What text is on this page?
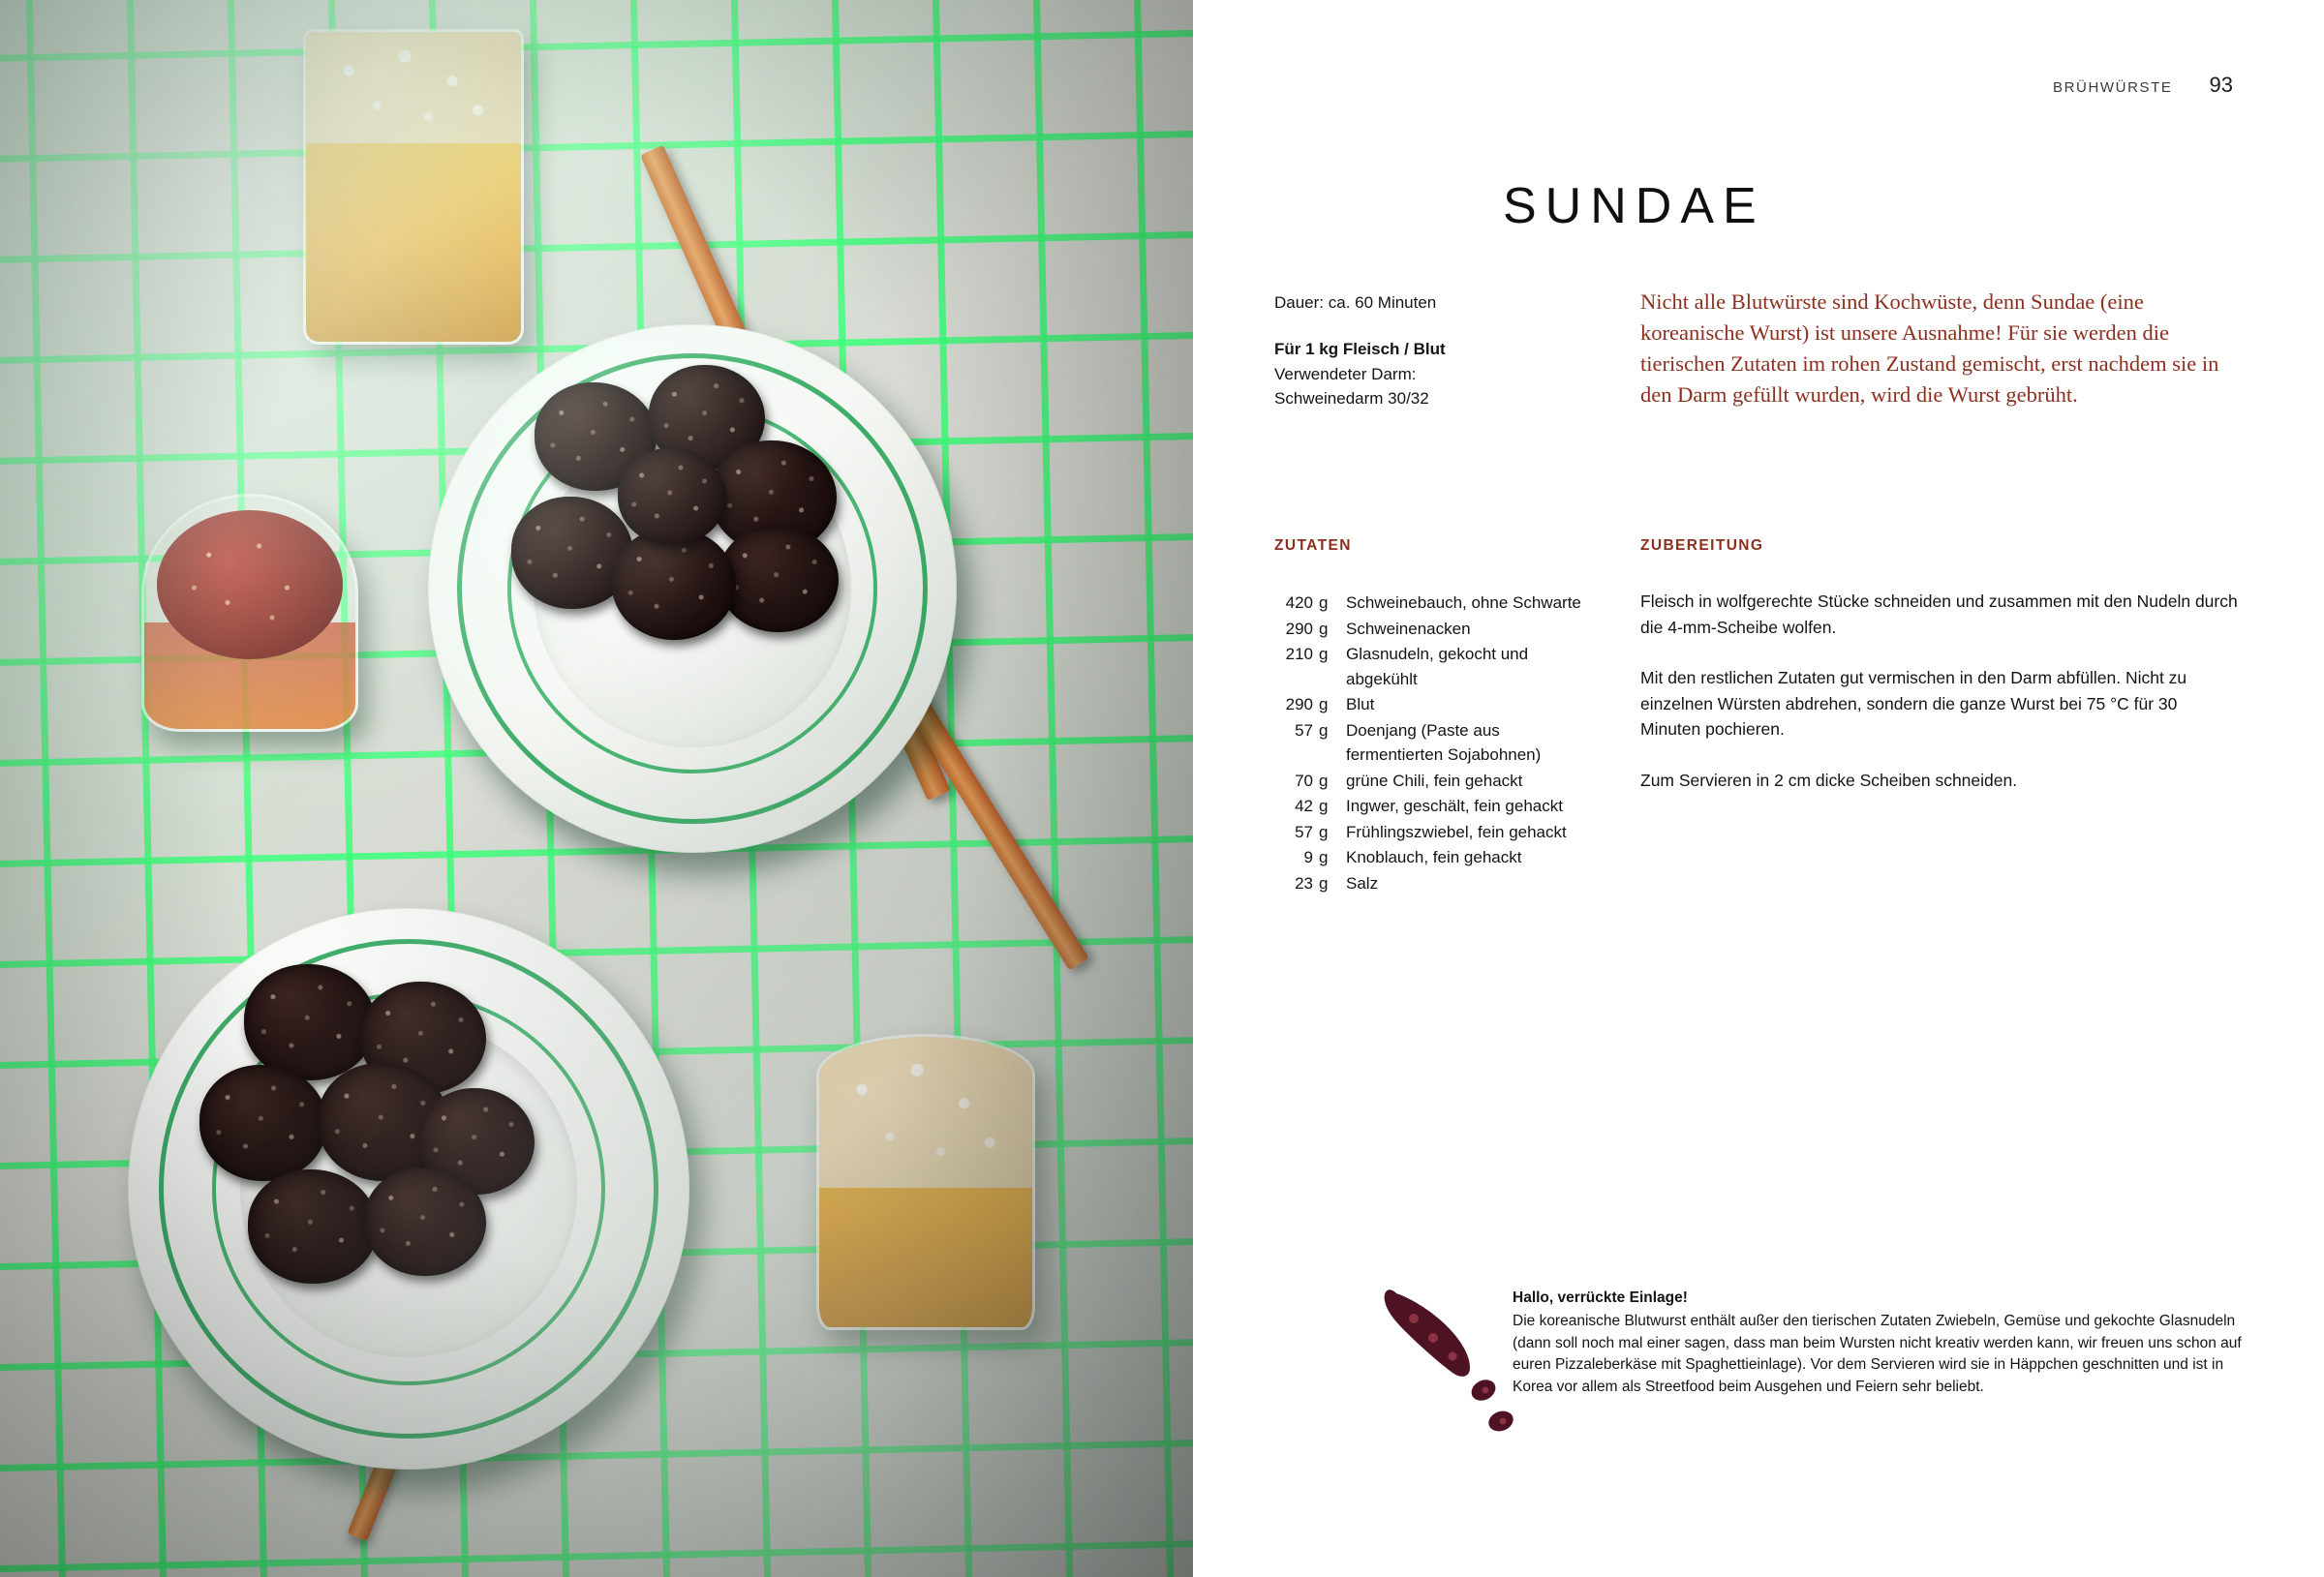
BRÜHWÜRSTE 93
SUNDAE
Dauer: ca. 60 Minuten
Für 1 kg Fleisch / Blut
Verwendeter Darm:
Schweinedarm 30/32
Nicht alle Blutwürste sind Kochwüste, denn Sundae (eine koreanische Wurst) ist unsere Ausnahme! Für sie werden die tierischen Zutaten im rohen Zustand gemischt, erst nachdem sie in den Darm gefüllt wurden, wird die Wurst gebrüht.
ZUTATEN	ZUBEREITUNG
420 g	Schweinebauch, ohne Schwarte
290 g	Schweinenacken
210 g	Glasnudeln, gekocht und abgekühlt
290 g	Blut
57 g	Doenjang (Paste aus fermentierten Sojabohnen)
70 g	grüne Chili, fein gehackt
42 g	Ingwer, geschält, fein gehackt
57 g	Frühlingszwiebel, fein gehackt
9 g	Knoblauch, fein gehackt
23 g	Salz

Fleisch in wolfgerechte Stücke schneiden und zusammen mit den Nudeln durch die 4-mm-Scheibe wolfen.

Mit den restlichen Zutaten gut vermischen in den Darm abfüllen. Nicht zu einzelnen Würsten abdrehen, sondern die ganze Wurst bei 75 °C für 30 Minuten pochieren.

Zum Servieren in 2 cm dicke Scheiben schneiden.

Hallo, verrückte Einlage!
Die koreanische Blutwurst enthält außer den tierischen Zutaten Zwiebeln, Gemüse und gekochte Glasnudeln (dann soll noch mal einer sagen, dass man beim Wursten nicht kreativ werden kann, wir freuen uns schon auf euren Pizzaleberkäse mit Spaghettieinlage). Vor dem Servieren wird sie in Häppchen geschnitten und ist in Korea vor allem als Streetfood beim Ausgehen und Feiern sehr beliebt.
